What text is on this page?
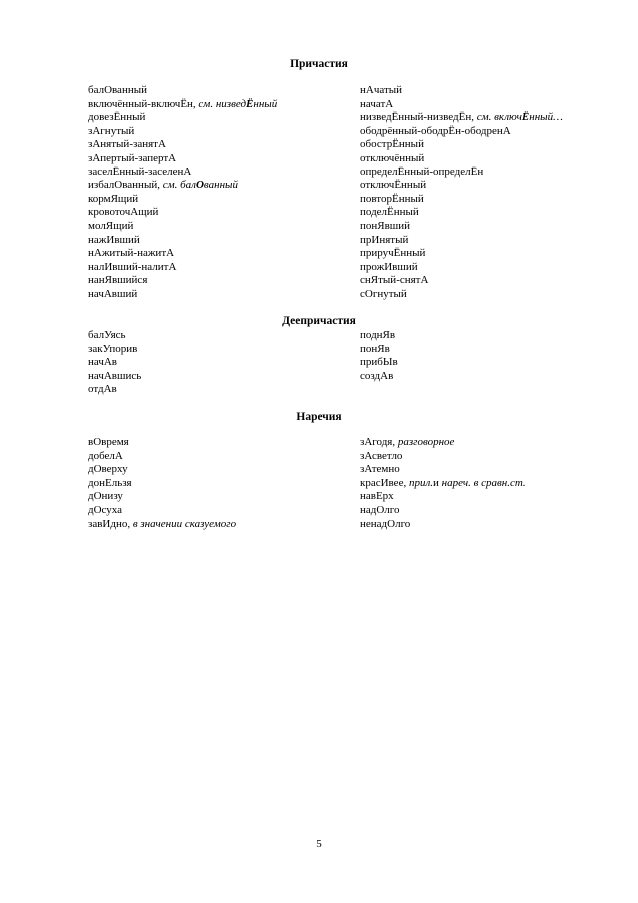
Причастия
балОванный
включённый-включЁн, см. низведЁнный
довезЁнный
зАгнутый
зАнятый-занятА
зАпертый-запертА
заселЁнный-заселенА
избалОванный, см. балОванный
кормЯщий
кровоточАщий
молЯщий
нажИвший
нАжитый-нажитА
налИвший-налитА
нанЯвшийся
начАвший
нАчатый
начатА
низведЁнный-низведЁн, см. включЁнный…
ободрённый-ободрЁн-ободренА
обострЁнный
отключённый
определЁнный-определЁн
отключЁнный
повторЁнный
поделЁнный
понЯвший
прИнятый
приручЁнный
прожИвший
снЯтый-снятА
сОгнутый
Деепричастия
балУясь
закУпорив
начАв
начАвшись
отдАв
поднЯв
понЯв
прибЫв
создАв
Наречия
вОвремя
добелА
дОверху
донЕльзя
дОнизу
дОсуха
завИдно, в значении сказуемого
зАгодя, разговорное
зАсветло
зАтемно
красИвее, прил.и нареч. в сравн.ст.
навЕрх
надОлго
ненадОлго
5
